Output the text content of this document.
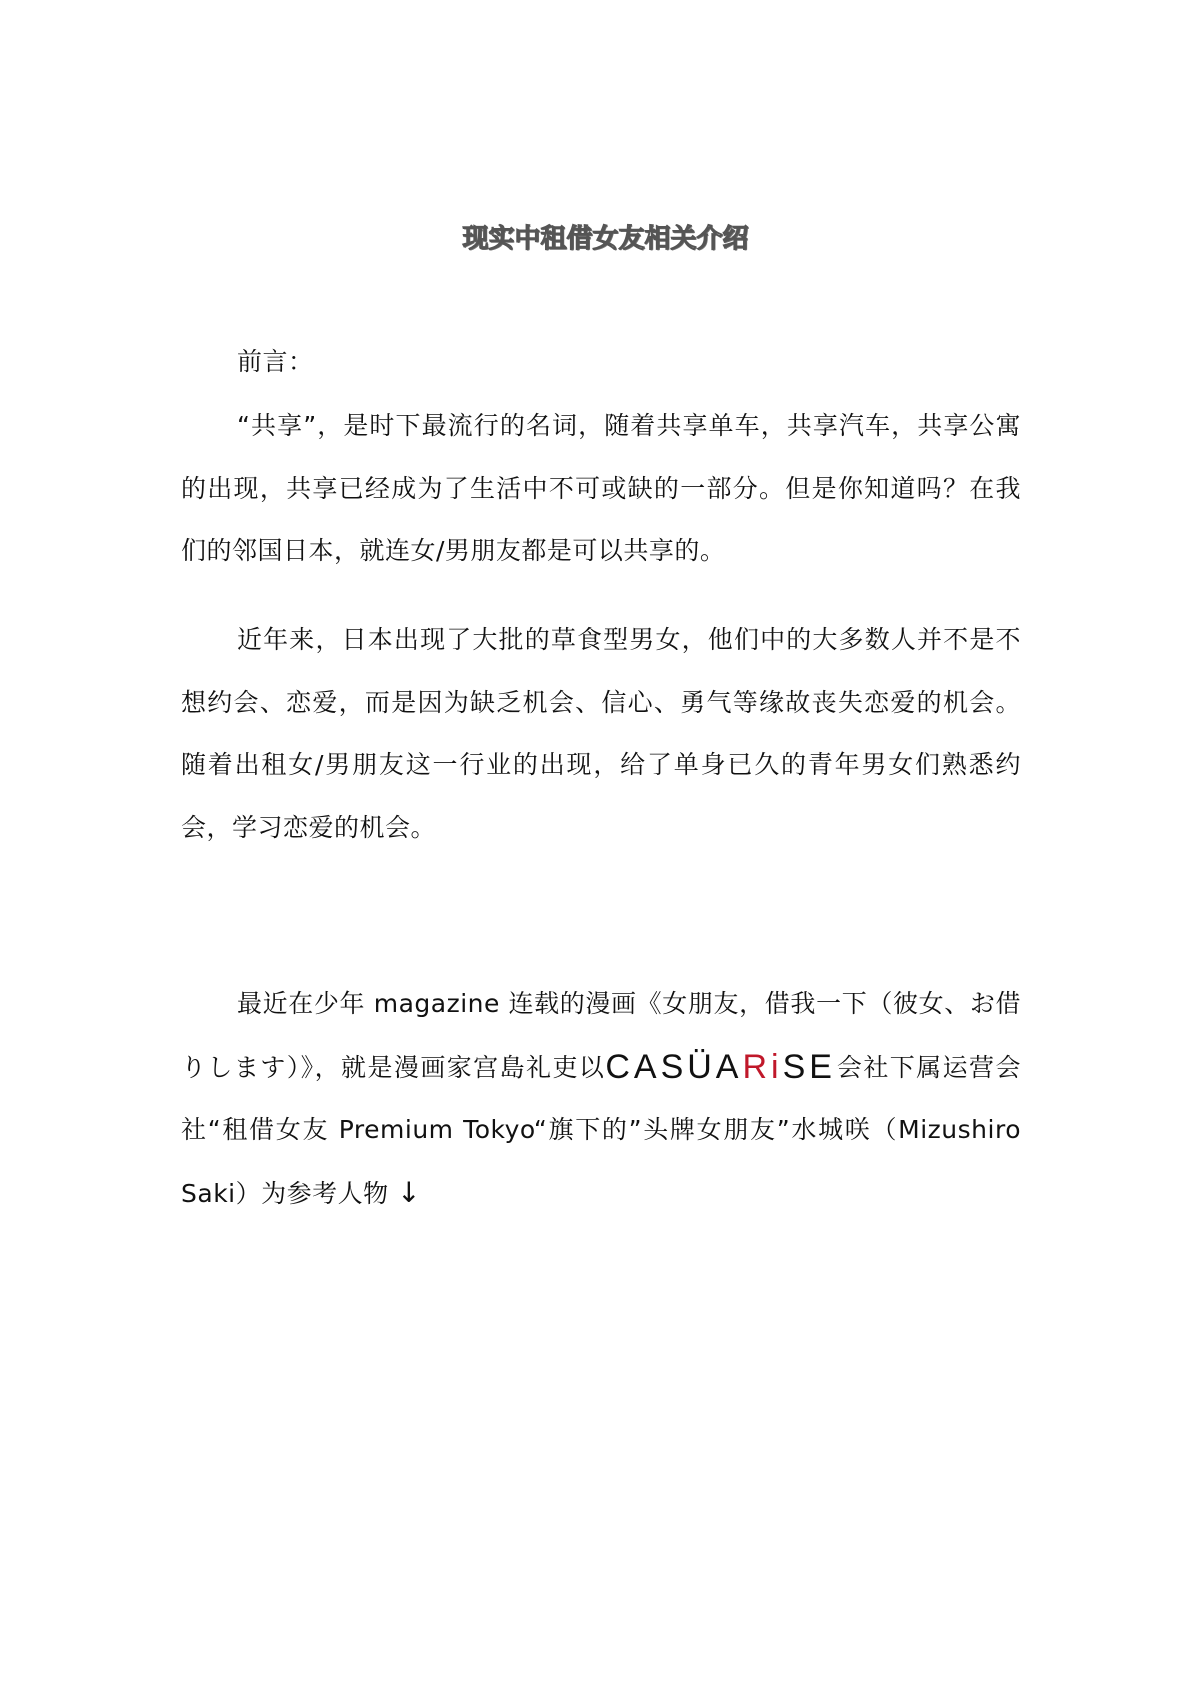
现实中租借女友相关介绍

前言：

“共享”，是时下最流行的名词，随着共享单车，共享汽车，共享公寓的出现，共享已经成为了生活中不可或缺的一部分。但是你知道吗？在我们的邻国日本，就连女/男朋友都是可以共享的。

近年来，日本出现了大批的草食型男女，他们中的大多数人并不是不想约会、恋爱，而是因为缺乏机会、信心、勇气等缘故丧失恋爱的机会。随着出租女/男朋友这一行业的出现，给了单身已久的青年男女们熟悉约会，学习恋爱的机会。

最近在少年 magazine 连载的漫画《女朋友，借我一下（彼女、お借りします）》，就是漫画家宫島礼吏以CASÜARiSE会社下属运营会社“租借女友 Premium Tokyo“旗下的”头牌女朋友”水城咲（Mizushiro Saki）为参考人物 ↓
